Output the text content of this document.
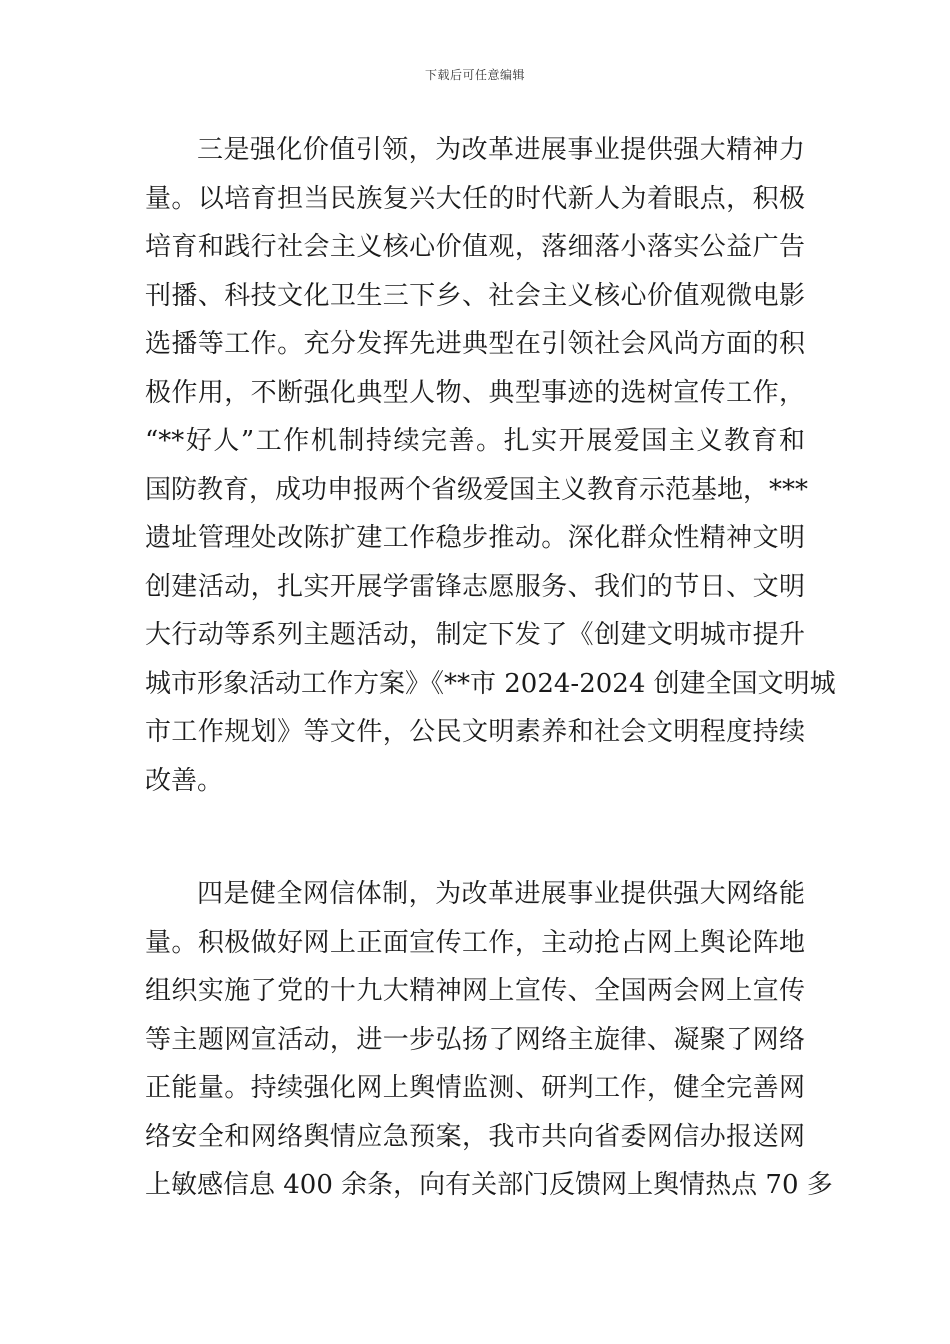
下载后可任意编辑
三是强化价值引领，为改革进展事业提供强大精神力
量。以培育担当民族复兴大任的时代新人为着眼点，积极
培育和践行社会主义核心价值观，落细落小落实公益广告
刊播、科技文化卫生三下乡、社会主义核心价值观微电影
选播等工作。充分发挥先进典型在引领社会风尚方面的积
极作用，不断强化典型人物、典型事迹的选树宣传工作，
“**好人”工作机制持续完善。扎实开展爱国主义教育和
国防教育，成功申报两个省级爱国主义教育示范基地，***
遗址管理处改陈扩建工作稳步推动。深化群众性精神文明
创建活动，扎实开展学雷锋志愿服务、我们的节日、文明
大行动等系列主题活动，制定下发了《创建文明城市提升
城市形象活动工作方案》《**市 2024-2024 创建全国文明城
市工作规划》等文件，公民文明素养和社会文明程度持续
改善。
四是健全网信体制，为改革进展事业提供强大网络能
量。积极做好网上正面宣传工作，主动抢占网上舆论阵地
组织实施了党的十九大精神网上宣传、全国两会网上宣传
等主题网宣活动，进一步弘扬了网络主旋律、凝聚了网络
正能量。持续强化网上舆情监测、研判工作，健全完善网
络安全和网络舆情应急预案，我市共向省委网信办报送网
上敏感信息 400 余条，向有关部门反馈网上舆情热点 70 多
